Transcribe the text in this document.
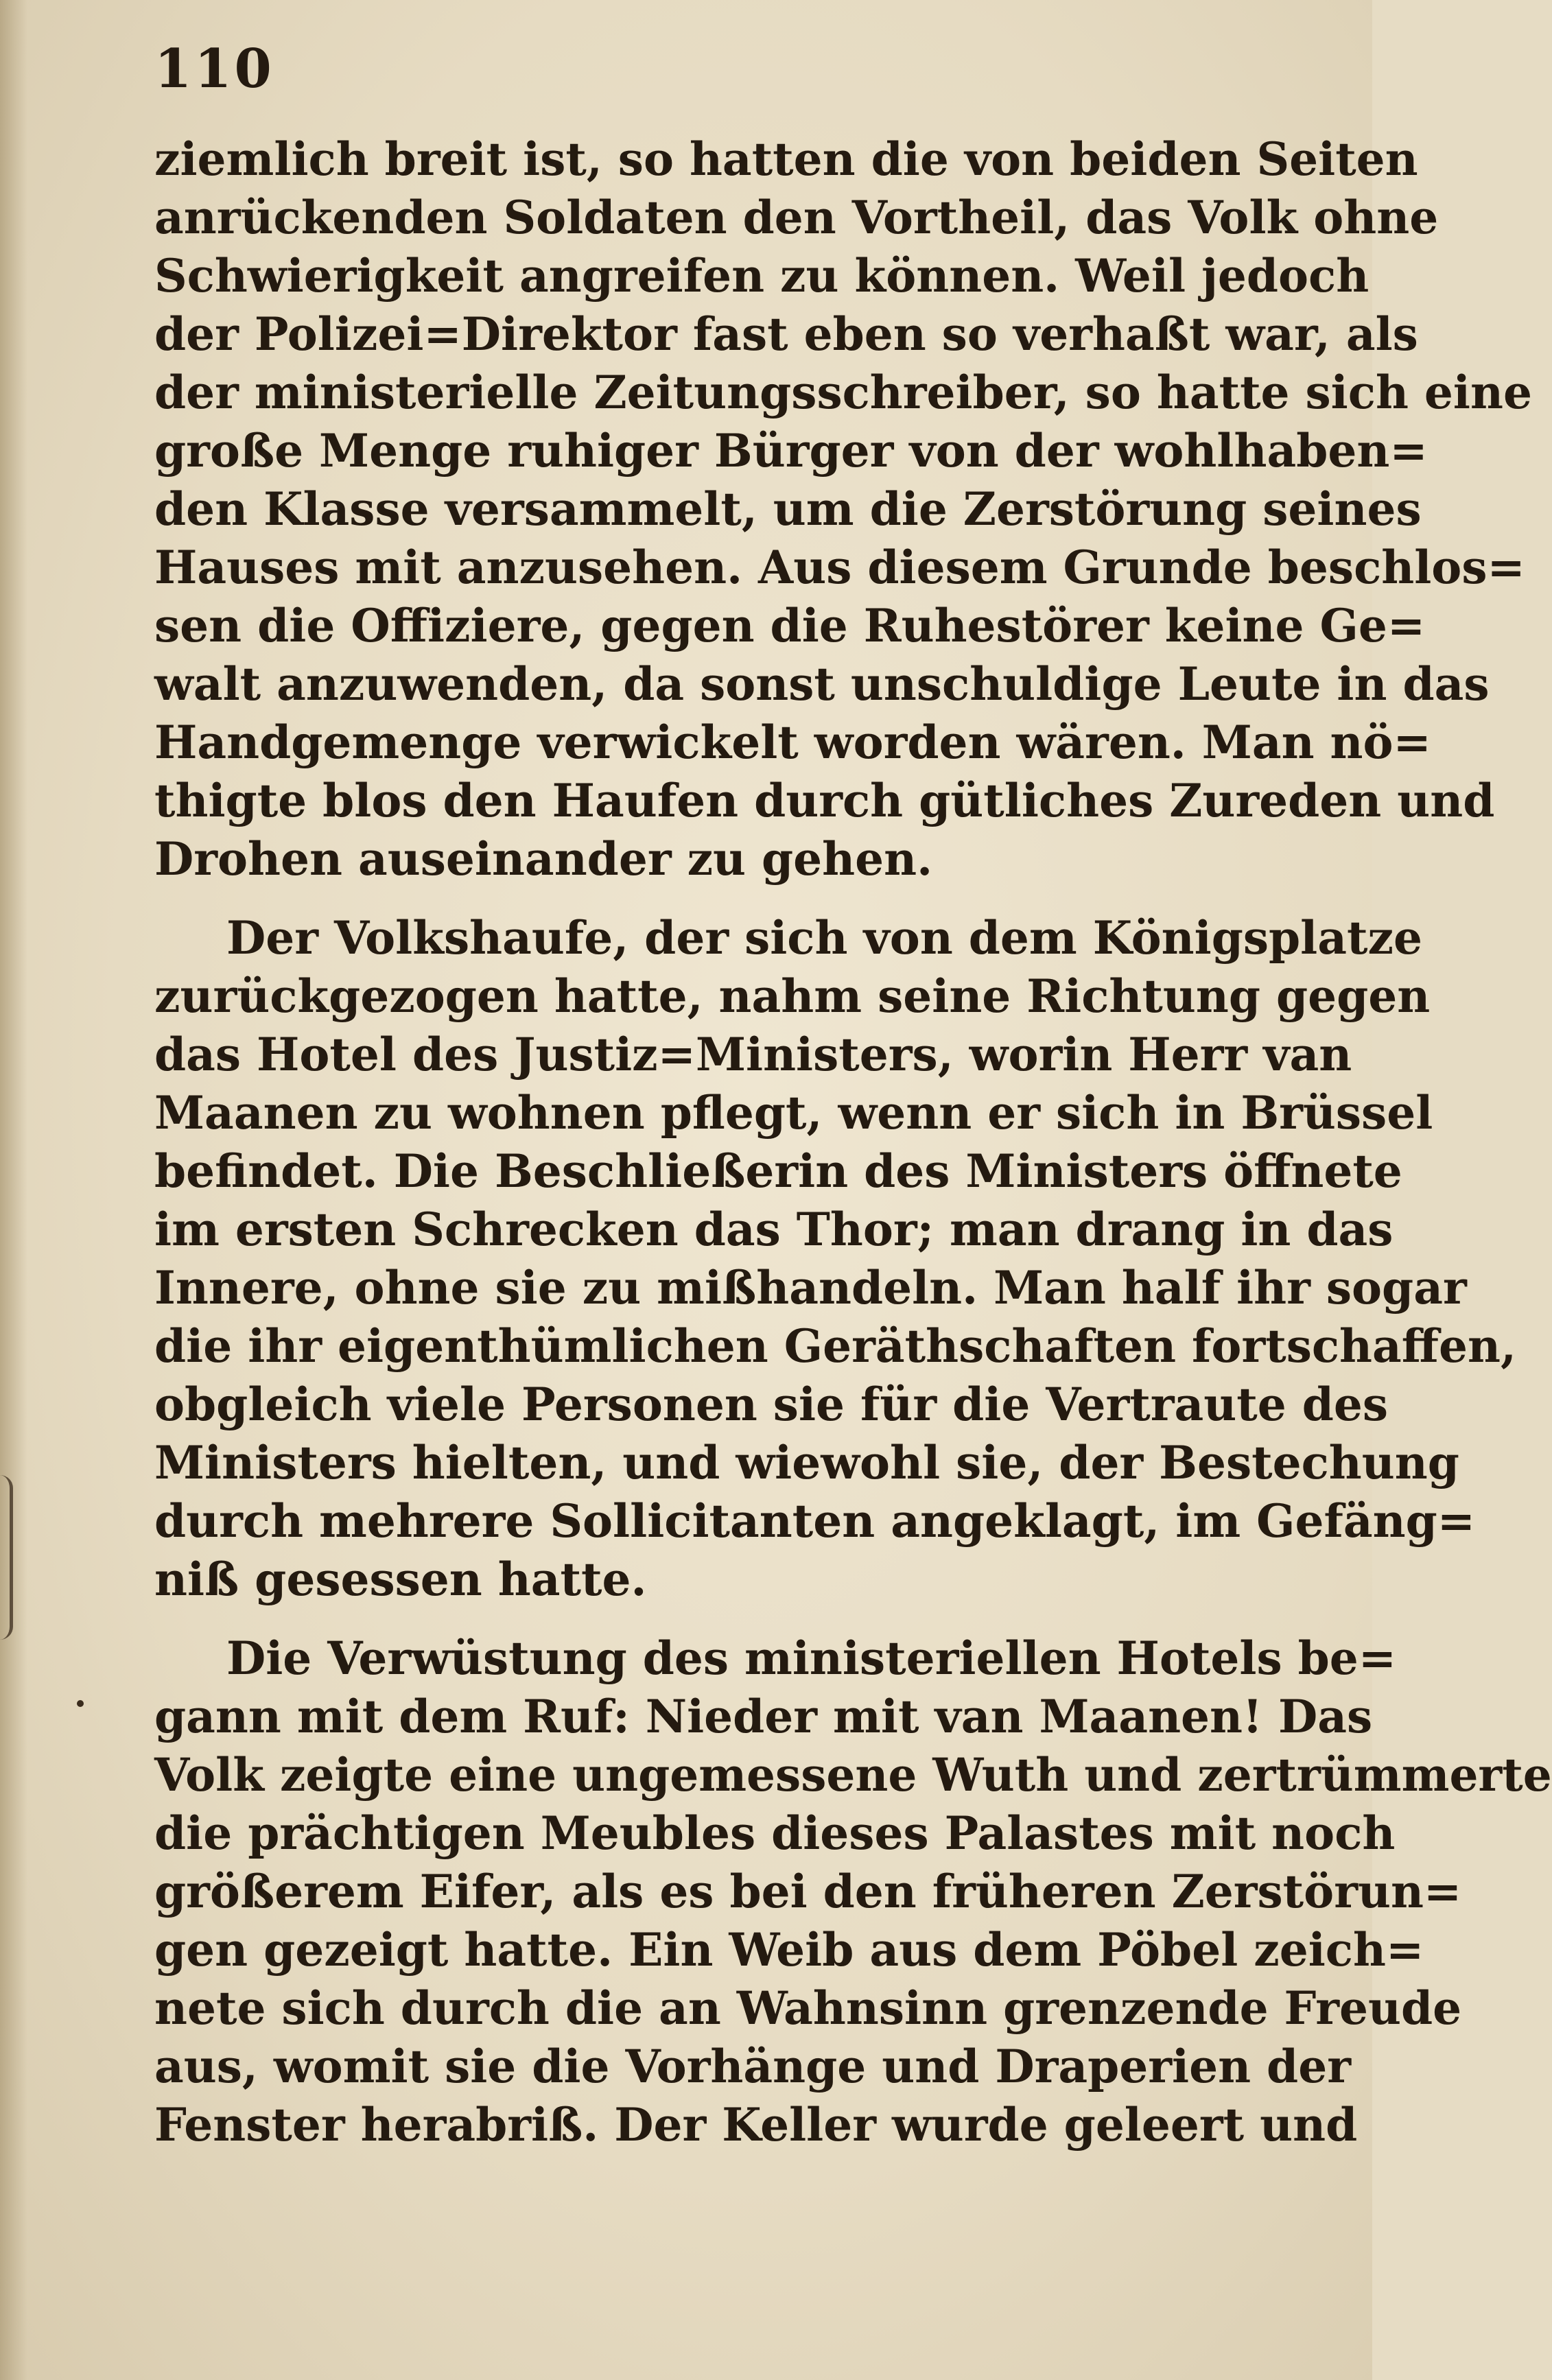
110
ziemlich breit ist, so hatten die von beiden Seiten
anrückenden Soldaten den Vortheil, das Volk ohne
Schwierigkeit angreifen zu können. Weil jedoch
der Polizei=Direktor fast eben so verhaßt war, als
der ministerielle Zeitungsschreiber, so hatte sich eine
große Menge ruhiger Bürger von der wohlhaben=
den Klasse versammelt, um die Zerstörung seines
Hauses mit anzusehen. Aus diesem Grunde beschlos=
sen die Offiziere, gegen die Ruhestörer keine Ge=
walt anzuwenden, da sonst unschuldige Leute in das
Handgemenge verwickelt worden wären. Man nö=
thigte blos den Haufen durch gütliches Zureden und
Drohen auseinander zu gehen.
Der Volkshaufe, der sich von dem Königsplatze
zurückgezogen hatte, nahm seine Richtung gegen
das Hotel des Justiz=Ministers, worin Herr van
Maanen zu wohnen pflegt, wenn er sich in Brüssel
befindet. Die Beschließerin des Ministers öffnete
im ersten Schrecken das Thor; man drang in das
Innere, ohne sie zu mißhandeln. Man half ihr sogar
die ihr eigenthümlichen Geräthschaften fortschaffen,
obgleich viele Personen sie für die Vertraute des
Ministers hielten, und wiewohl sie, der Bestechung
durch mehrere Sollicitanten angeklagt, im Gefäng=
niß gesessen hatte.
Die Verwüstung des ministeriellen Hotels be=
gann mit dem Ruf: Nieder mit van Maanen! Das
Volk zeigte eine ungemessene Wuth und zertrümmerte
die prächtigen Meubles dieses Palastes mit noch
größerem Eifer, als es bei den früheren Zerstörun=
gen gezeigt hatte. Ein Weib aus dem Pöbel zeich=
nete sich durch die an Wahnsinn grenzende Freude
aus, womit sie die Vorhänge und Draperien der
Fenster herabriß. Der Keller wurde geleert und
